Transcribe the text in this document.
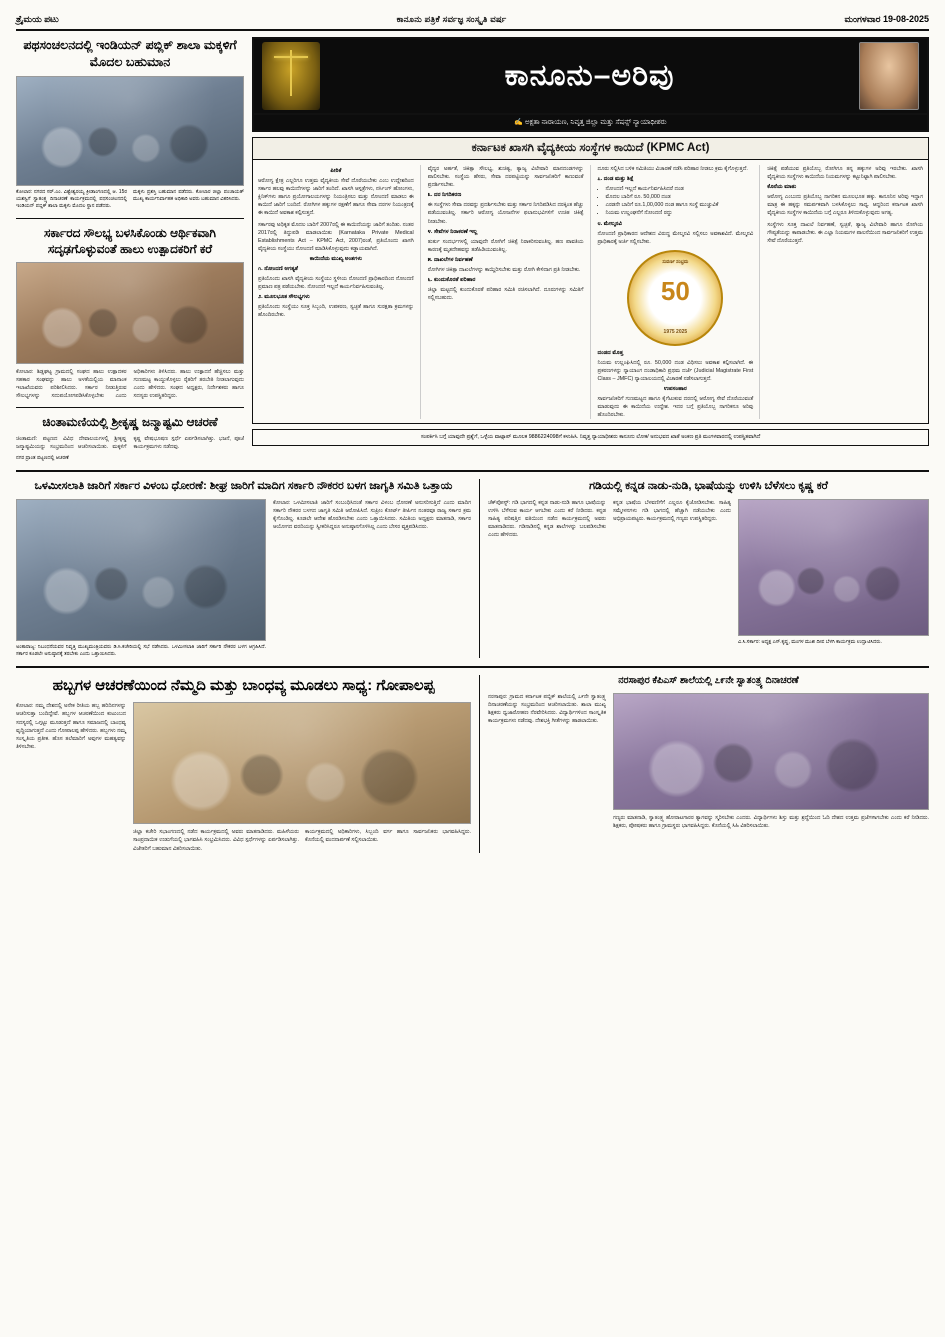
ತ್ರೈಮಯ ಪಟು	ಕಾನೂನು ಪತ್ರಿಕೆ ಸರ್ವಜ್ಞ ಸಂಸ್ಕೃತಿ ವರ್ಷ	ಮಂಗಳವಾರ 19-08-2025
ಪಥಸಂಚಲನದಲ್ಲಿ ಇಂಡಿಯನ್ ಪಬ್ಲಿಕ್ ಶಾಲಾ ಮಕ್ಕಳಿಗೆ ಮೊದಲ ಬಹುಮಾನ
ಕೋಲಾರ: ನಗರದ ಸರ್.ಎಂ. ವಿಶ್ವೇಶ್ವರಯ್ಯ ಕ್ರೀಡಾಂಗಣದಲ್ಲಿ ಆ. 15ರ ಯಶಸ್ವಿಗೆ ಸ್ವಾತಂತ್ರ್ಯ ದಿನಾಚರಣೆ ಕಾರ್ಯಕ್ರಮದಲ್ಲಿ ಪಥಸಂಚಲನದಲ್ಲಿ ಇಂಡಿಯನ್ ಪಬ್ಲಿಕ್ ಶಾಲಾ ಮಕ್ಕಳು ಮೊದಲ ಸ್ಥಾನ ಪಡೆದರು.
ಮಕ್ಕಳು ಪ್ರಶಸ್ತಿ ಬಹುಮಾನ ಪಡೆದರು. ಕೋಲಾರ ಜಿಲ್ಲಾ ಪಂಚಾಯತ್ ಮುಖ್ಯ ಕಾರ್ಯನಿರ್ವಾಹಕ ಅಧಿಕಾರಿ ಅವರು ಬಹುಮಾನ ವಿತರಿಸಿದರು.
ಸರ್ಕಾರದ ಸೌಲಭ್ಯ ಬಳಸಿಕೊಂಡು ಆರ್ಥಿಕವಾಗಿ ಸದೃಢಗೊಳ್ಳುವಂತೆ ಹಾಲು ಉತ್ಪಾದಕರಿಗೆ ಕರೆ
ಕೋಲಾರ: ಶಿಡ್ಲಘಟ್ಟ ಗ್ರಾಮದಲ್ಲಿ ಸಂಘದ ಹಾಲು ಉತ್ಪಾದಕರ ಸಹಕಾರ ಸಂಘವನ್ನು ಹಾಲು ಅಳತೆಯಲ್ಲಿಯ ಮಾನಾಂಕ ಇಲಾಖೆಯವರು ಪರಿಶೀಲಿಸಿದರು. ಸರ್ಕಾರ ನೀಡುತ್ತಿರುವ ಸೌಲಭ್ಯಗಳನ್ನು ಸದುಪಯೋಗಪಡಿಸಿಕೊಳ್ಳಬೇಕು ಎಂದು ಅಧಿಕಾರಿಗಳು ತಿಳಿಸಿದರು. ಹಾಲು ಉತ್ಪಾದನೆ ಹೆಚ್ಚಿಸಲು ಮತ್ತು ಗುಣಮಟ್ಟ ಕಾಯ್ದುಕೊಳ್ಳಲು ರೈತರಿಗೆ ತರಬೇತಿ ನೀಡಲಾಗುವುದು ಎಂದು ಹೇಳಿದರು. ಸಂಘದ ಅಧ್ಯಕ್ಷರು, ನಿರ್ದೇಶಕರು ಹಾಗೂ ಸದಸ್ಯರು ಉಪಸ್ಥಿತರಿದ್ದರು.
ಚಿಂತಾಮಣಿಯಲ್ಲಿ ಶ್ರೀಕೃಷ್ಣ ಜನ್ಮಾಷ್ಟಮಿ ಆಚರಣೆ
ಚಿಂತಾಮಣಿ: ಪಟ್ಟಣದ ವಿವಿಧ ದೇವಾಲಯಗಳಲ್ಲಿ ಶ್ರೀಕೃಷ್ಣ ಜನ್ಮಾಷ್ಟಮಿಯನ್ನು ಸಂಭ್ರಮದಿಂದ ಆಚರಿಸಲಾಯಿತು. ಮಕ್ಕಳಿಗೆ ಕೃಷ್ಣ ವೇಷಭೂಷಣ ಸ್ಪರ್ಧೆ ಏರ್ಪಡಿಸಲಾಗಿತ್ತು. ಭಜನೆ, ಪೂಜೆ ಕಾರ್ಯಕ್ರಮಗಳು ನಡೆದವು.
ನಗರ ಪ್ರಾಂತ ಪಟ್ಟಣದಲ್ಲಿ ಆಚರಣೆ
ಕಾನೂನು–ಅರಿವು
✍ ಅಕ್ಷತಾ ನಾರಾಯಣ, ನಿವೃತ್ತ ಜಿಲ್ಲಾ ಮತ್ತು ಸೆಷನ್ಸ್ ನ್ಯಾಯಾಧೀಶರು
ಕರ್ನಾಟಕ ಖಾಸಗಿ ವೈದ್ಯಕೀಯ ಸಂಸ್ಥೆಗಳ ಕಾಯಿದೆ (KPMC Act)
ಪೀಠಿಕೆ
ಆರೋಗ್ಯ ಕ್ಷೇತ್ರ ಎಲ್ಲರಿಗೂ ಉತ್ತಮ ವೈದ್ಯಕೀಯ ಸೇವೆ ದೊರೆಯಬೇಕು ಎಂಬ ಉದ್ದೇಶದಿಂದ ಸರ್ಕಾರ ಹಲವು ಕಾಯಿದೆಗಳನ್ನು ಜಾರಿಗೆ ತಂದಿದೆ. ಖಾಸಗಿ ಆಸ್ಪತ್ರೆಗಳು, ನರ್ಸಿಂಗ್ ಹೋಂಗಳು, ಕ್ಲಿನಿಕ್‌ಗಳು ಹಾಗೂ ಪ್ರಯೋಗಾಲಯಗಳನ್ನು ನಿಯಂತ್ರಿಸಲು ಮತ್ತು ನೋಂದಣಿ ಮಾಡಲು ಈ ಕಾಯಿದೆ ಜಾರಿಗೆ ಬಂದಿದೆ. ರೋಗಿಗಳ ಹಕ್ಕುಗಳ ರಕ್ಷಣೆಗೆ ಹಾಗೂ ಸೇವಾ ದರಗಳ ನಿಯಂತ್ರಣಕ್ಕೆ ಈ ಕಾಯಿದೆ ಅವಕಾಶ ಕಲ್ಪಿಸುತ್ತದೆ.
ಸರ್ಕಾರವು ಅಧಿಕೃತ ಮೊದಲ ಬಾರಿಗೆ 2007ರಲ್ಲಿ ಈ ಕಾಯಿದೆಯನ್ನು ಜಾರಿಗೆ ತಂದಿತು. ನಂತರ 2017ರಲ್ಲಿ ತಿದ್ದುಪಡಿ ಮಾಡಲಾಯಿತು (Karnataka Private Medical Establishments Act – KPMC Act, 2007)ರಂತೆ, ಪ್ರತಿಯೊಂದು ಖಾಸಗಿ ವೈದ್ಯಕೀಯ ಸಂಸ್ಥೆಯು ನೋಂದಣಿ ಮಾಡಿಸಿಕೊಳ್ಳುವುದು ಕಡ್ಡಾಯವಾಗಿದೆ.
ಕಾಯಿದೆಯ ಮುಖ್ಯ ಅಂಶಗಳು
೧. ನೋಂದಣಿ ಅಗತ್ಯತೆ
ಪ್ರತಿಯೊಂದು ಖಾಸಗಿ ವೈದ್ಯಕೀಯ ಸಂಸ್ಥೆಯು ಸ್ಥಳೀಯ ನೋಂದಣಿ ಪ್ರಾಧಿಕಾರದಿಂದ ನೋಂದಣಿ ಪ್ರಮಾಣ ಪತ್ರ ಪಡೆಯಬೇಕು. ನೋಂದಣಿ ಇಲ್ಲದೆ ಕಾರ್ಯನಿರ್ವಹಿಸುವಂತಿಲ್ಲ.
೨. ಮೂಲಭೂತ ಸೌಲಭ್ಯಗಳು
ಪ್ರತಿಯೊಂದು ಸಂಸ್ಥೆಯು ಸೂಕ್ತ ಸಿಬ್ಬಂದಿ, ಉಪಕರಣ, ಸ್ವಚ್ಛತೆ ಹಾಗೂ ಸುರಕ್ಷತಾ ಕ್ರಮಗಳನ್ನು ಹೊಂದಿರಬೇಕು.
ವೈದ್ಯರ ಅರ್ಹತೆ, ಚಿಕಿತ್ಸಾ ಸೌಲಭ್ಯ, ಶುಚಿತ್ವ, ತ್ಯಾಜ್ಯ ವಿಲೇವಾರಿ ಮಾನದಂಡಗಳನ್ನು ಪಾಲಿಸಬೇಕು. ಸಂಸ್ಥೆಯ ಹೆಸರು, ಸೇವಾ ದರಪಟ್ಟಿಯನ್ನು ಸಾರ್ವಜನಿಕರಿಗೆ ಕಾಣುವಂತೆ ಪ್ರದರ್ಶಿಸಬೇಕು.
೩. ದರ ನಿಗದಿಕರಣ
ಈ ಸಂಸ್ಥೆಗಳು ಸೇವಾ ದರವನ್ನು ಪ್ರದರ್ಶಿಸಬೇಕು ಮತ್ತು ಸರ್ಕಾರ ನಿಗದಿಪಡಿಸಿದ ದರಕ್ಕಿಂತ ಹೆಚ್ಚು ಪಡೆಯುವಂತಿಲ್ಲ. ಸರ್ಕಾರಿ ಆರೋಗ್ಯ ಯೋಜನೆಗಳ ಫಲಾನುಭವಿಗಳಿಗೆ ಉಚಿತ ಚಿಕಿತ್ಸೆ ನೀಡಬೇಕು.
೪. ಸೇವೆಗಳ ನಿರಾಕರಣೆ ಇಲ್ಲ
ತುರ್ತು ಸಂದರ್ಭಗಳಲ್ಲಿ ಯಾವುದೇ ರೋಗಿಗೆ ಚಿಕಿತ್ಸೆ ನಿರಾಕರಿಸುವಂತಿಲ್ಲ. ಹಣ ಪಾವತಿಯ ಕಾರಣಕ್ಕೆ ಮೃತದೇಹವನ್ನು ತಡೆಹಿಡಿಯುವಂತಿಲ್ಲ.
೫. ದಾಖಲೆಗಳ ನಿರ್ವಹಣೆ
ರೋಗಿಗಳ ಚಿಕಿತ್ಸಾ ದಾಖಲೆಗಳನ್ನು ಕಾಯ್ದಿರಿಸಬೇಕು ಮತ್ತು ರೋಗಿ ಕೇಳಿದಾಗ ಪ್ರತಿ ನೀಡಬೇಕು.
೬. ಕುಂದುಕೊರತೆ ಪರಿಹಾರ
ಜಿಲ್ಲಾ ಮಟ್ಟದಲ್ಲಿ ಕುಂದುಕೊರತೆ ಪರಿಹಾರ ಸಮಿತಿ ರಚಿಸಲಾಗಿದೆ. ದೂರುಗಳನ್ನು ಸಮಿತಿಗೆ ಸಲ್ಲಿಸಬಹುದು.
ದೂರು ಸಲ್ಲಿಸಿದ ಬಳಿಕ ಸಮಿತಿಯು ವಿಚಾರಣೆ ನಡೆಸಿ ಪರಿಹಾರ ನೀಡಲು ಕ್ರಮ ಕೈಗೊಳ್ಳುತ್ತದೆ.
೭. ದಂಡ ಮತ್ತು ಶಿಕ್ಷೆ
• ನೋಂದಣಿ ಇಲ್ಲದೆ ಕಾರ್ಯನಿರ್ವಹಿಸಿದರೆ ದಂಡ
• ಮೊದಲ ಬಾರಿಗೆ ರೂ. 50,000 ದಂಡ
• ಎರಡನೇ ಬಾರಿಗೆ ರೂ.1,00,000 ದಂಡ ಹಾಗೂ ಸಂಸ್ಥೆ ಮುಚ್ಚುವಿಕೆ
• ನಿಯಮ ಉಲ್ಲಂಘನೆಗೆ ನೋಂದಣಿ ರದ್ದು
೮. ಮೇಲ್ಮನವಿ
ನೋಂದಣಿ ಪ್ರಾಧಿಕಾರದ ಆದೇಶದ ವಿರುದ್ಧ ಮೇಲ್ಮನವಿ ಸಲ್ಲಿಸಲು ಅವಕಾಶವಿದೆ. ಮೇಲ್ಮನವಿ ಪ್ರಾಧಿಕಾರಕ್ಕೆ ಅರ್ಜಿ ಸಲ್ಲಿಸಬೇಕು.
ಸುವರ್ಣ ಸಂಭ್ರಮ
50
1975 2025
ದಂಡದ ಮೊತ್ತ
ನಿಯಮ ಉಲ್ಲಂಘಿಸಿದಲ್ಲಿ ರೂ. 50,000 ದಂಡ ವಿಧಿಸಲು ಅವಕಾಶ ಕಲ್ಪಿಸಲಾಗಿದೆ. ಈ ಪ್ರಕರಣಗಳನ್ನು ನ್ಯಾಯಾಂಗ ದಂಡಾಧಿಕಾರಿ ಪ್ರಥಮ ದರ್ಜೆ (Judicial Magistrate First Class – JMFC) ನ್ಯಾಯಾಲಯದಲ್ಲಿ ವಿಚಾರಣೆ ನಡೆಸಲಾಗುತ್ತದೆ.
ಉಪಸಂಹಾರ
ಸಾರ್ವಜನಿಕರಿಗೆ ಗುಣಮಟ್ಟದ ಹಾಗೂ ಕೈಗೆಟುಕುವ ದರದಲ್ಲಿ ಆರೋಗ್ಯ ಸೇವೆ ದೊರೆಯುವಂತೆ ಮಾಡುವುದು ಈ ಕಾಯಿದೆಯ ಉದ್ದೇಶ. ಇದರ ಬಗ್ಗೆ ಪ್ರತಿಯೊಬ್ಬ ನಾಗರಿಕನೂ ಅರಿವು ಹೊಂದಿರಬೇಕು.
ಚಿಕಿತ್ಸೆ ಪಡೆಯುವ ಪ್ರತಿಯೊಬ್ಬ ರೋಗಿಗೂ ತನ್ನ ಹಕ್ಕುಗಳ ಅರಿವು ಇರಬೇಕು. ಖಾಸಗಿ ವೈದ್ಯಕೀಯ ಸಂಸ್ಥೆಗಳು ಕಾಯಿದೆಯ ನಿಯಮಗಳನ್ನು ಕಟ್ಟುನಿಟ್ಟಾಗಿ ಪಾಲಿಸಬೇಕು.
ಕೊನೆಯ ಮಾತು
ಆರೋಗ್ಯ ಎಂಬುದು ಪ್ರತಿಯೊಬ್ಬ ನಾಗರಿಕನ ಮೂಲಭೂತ ಹಕ್ಕು. ಕಾನೂನಿನ ಅರಿವು ಇದ್ದಾಗ ಮಾತ್ರ ಈ ಹಕ್ಕನ್ನು ಸಮರ್ಪಕವಾಗಿ ಬಳಸಿಕೊಳ್ಳಲು ಸಾಧ್ಯ. ಆದ್ದರಿಂದ ಕರ್ನಾಟಕ ಖಾಸಗಿ ವೈದ್ಯಕೀಯ ಸಂಸ್ಥೆಗಳ ಕಾಯಿದೆಯ ಬಗ್ಗೆ ಎಲ್ಲರೂ ತಿಳಿದುಕೊಳ್ಳುವುದು ಅಗತ್ಯ.
ಸಂಸ್ಥೆಗಳು ಸೂಕ್ತ ದಾಖಲೆ ನಿರ್ವಹಣೆ, ಸ್ವಚ್ಛತೆ, ತ್ಯಾಜ್ಯ ವಿಲೇವಾರಿ ಹಾಗೂ ರೋಗಿಯ ಗೌಪ್ಯತೆಯನ್ನು ಕಾಪಾಡಬೇಕು. ಈ ಎಲ್ಲಾ ನಿಯಮಗಳ ಪಾಲನೆಯಿಂದ ಸಾರ್ವಜನಿಕರಿಗೆ ಉತ್ತಮ ಸೇವೆ ದೊರೆಯುತ್ತದೆ.
ಸಂಪರ್ಕಿಸಿ ಬಗ್ಗೆ ಯಾವುದೇ ಪ್ರಶ್ನೆಗೆ, ಒಳ್ಳೆಯ ವಾಟ್ಸಾಪ್ ಮೂಲಕ 9886224098ಗೆ ಕಳುಹಿಸಿ. ನಿವೃತ್ತ ನ್ಯಾಯಾಧೀಶರು ಕಾನೂನು ಲೋಕ/ ಅನುಭವದ ಖಾತೆ ಅಂಕಣ ಪ್ರತಿ ಮಂಗಳವಾರದಲ್ಲಿ ಉಪಸ್ಥಿತವಾಗಿದೆ
ಒಳಮೀಸಲಾತಿ ಜಾರಿಗೆ ಸರ್ಕಾರ ವಿಳಂಬ ಧೋರಣೆ: ಶೀಘ್ರ ಜಾರಿಗೆ ಮಾದಿಗ ಸರ್ಕಾರಿ ನೌಕರರ ಬಳಗ ಜಾಗೃತಿ ಸಮಿತಿ ಒತ್ತಾಯ
ಅಂತಾರಾಜ್ಯ: ನಿಬಂಧನೆಯವರ ನಿವೃತ್ತಿ ಮುಖ್ಯಮಂತ್ರಿಯವರು ಡಿ.ಸಿ.ಕಚೇರಿಯಲ್ಲಿ ಸಭೆ ನಡೆಸಿದರು. ಒಳಮೀಸಲಾತಿ ಜಾರಿಗೆ ಸರ್ಕಾರಿ ನೌಕರರ ಬಳಗ ಆಗ್ರಹಿಸಿದೆ. ಸರ್ಕಾರ ಕೂಡಲೇ ಅನುಷ್ಠಾನಕ್ಕೆ ತರಬೇಕು ಎಂದು ಒತ್ತಾಯಿಸಿದರು.
ಕೋಲಾರ: ಒಳಮೀಸಲಾತಿ ಜಾರಿಗೆ ಸಂಬಂಧಿಸಿದಂತೆ ಸರ್ಕಾರ ವಿಳಂಬ ಧೋರಣೆ ಅನುಸರಿಸುತ್ತಿದೆ ಎಂದು ಮಾದಿಗ ಸರ್ಕಾರಿ ನೌಕರರ ಬಳಗದ ಜಾಗೃತಿ ಸಮಿತಿ ಆರೋಪಿಸಿದೆ. ಸುಪ್ರೀಂ ಕೋರ್ಟ್ ತೀರ್ಪಿನ ನಂತರವೂ ರಾಜ್ಯ ಸರ್ಕಾರ ಕ್ರಮ ಕೈಗೊಂಡಿಲ್ಲ. ಕೂಡಲೇ ಆದೇಶ ಹೊರಡಿಸಬೇಕು ಎಂದು ಒತ್ತಾಯಿಸಿದರು. ಸಮಿತಿಯ ಅಧ್ಯಕ್ಷರು ಮಾತನಾಡಿ, ಸರ್ಕಾರ ಆಯೋಗದ ವರದಿಯನ್ನು ಸ್ವೀಕರಿಸಿದ್ದರೂ ಅನುಷ್ಠಾನಗೊಳಿಸಿಲ್ಲ ಎಂದು ಬೇಸರ ವ್ಯಕ್ತಪಡಿಸಿದರು.
ಗಡಿಯಲ್ಲಿ ಕನ್ನಡ ನಾಡು-ನುಡಿ, ಭಾಷೆಯನ್ನು ಉಳಿಸಿ ಬೆಳೆಸಲು ಕೃಷ್ಣ ಕರೆ
ಚೆಕ್‌ಪೋಸ್ಟ್: ಗಡಿ ಭಾಗದಲ್ಲಿ ಕನ್ನಡ ನಾಡು-ನುಡಿ ಹಾಗೂ ಭಾಷೆಯನ್ನು ಉಳಿಸಿ ಬೆಳೆಸುವ ಕಾರ್ಯ ಆಗಬೇಕು ಎಂದು ಕರೆ ನೀಡಿದರು. ಕನ್ನಡ ಸಾಹಿತ್ಯ ಪರಿಷತ್ತಿನ ವತಿಯಿಂದ ನಡೆದ ಕಾರ್ಯಕ್ರಮದಲ್ಲಿ ಅವರು ಮಾತನಾಡಿದರು. ಗಡಿನಾಡಿನಲ್ಲಿ ಕನ್ನಡ ಶಾಲೆಗಳನ್ನು ಬಲಪಡಿಸಬೇಕು ಎಂದು ಹೇಳಿದರು.
ಕನ್ನಡ ಭಾಷೆಯ ಬೆಳವಣಿಗೆಗೆ ಎಲ್ಲರೂ ಕೈಜೋಡಿಸಬೇಕು. ಸಾಹಿತ್ಯ ಸಮ್ಮೇಳನಗಳು ಗಡಿ ಭಾಗದಲ್ಲಿ ಹೆಚ್ಚಾಗಿ ನಡೆಯಬೇಕು ಎಂದು ಅಭಿಪ್ರಾಯಪಟ್ಟರು. ಕಾರ್ಯಕ್ರಮದಲ್ಲಿ ಗಣ್ಯರು ಉಪಸ್ಥಿತರಿದ್ದರು.
ವಿ.ಸಿ.ಸರ್ಕಾರ: ಅಧ್ಯಕ್ಷ ಎಸ್.ಕೃಷ್ಣ, ಮಂಗಳ ಮುಖಿ ದೀಪ ಬೆಳಗಿ ಕಾರ್ಯಕ್ರಮ ಉದ್ಘಾಟಿಸಿದರು.
ಹಬ್ಬಗಳ ಆಚರಣೆಯಿಂದ ನೆಮ್ಮದಿ ಮತ್ತು ಬಾಂಧವ್ಯ ಮೂಡಲು ಸಾಧ್ಯ: ಗೋಪಾಲಪ್ಪ
ಕೋಲಾರ: ನಮ್ಮ ದೇಶದಲ್ಲಿ ಅನೇಕ ರೀತಿಯ ಹಬ್ಬ ಹರಿದಿನಗಳನ್ನು ಆಚರಿಸುತ್ತಾ ಬಂದಿದ್ದೇವೆ. ಹಬ್ಬಗಳ ಆಚರಣೆಯಿಂದ ಕುಟುಂಬದ ಸದಸ್ಯರಲ್ಲಿ ಒಗ್ಗಟ್ಟು ಮೂಡುತ್ತದೆ ಹಾಗೂ ಸಮಾಜದಲ್ಲಿ ಬಾಂಧವ್ಯ ವೃದ್ಧಿಯಾಗುತ್ತದೆ ಎಂದು ಗೋಪಾಲಪ್ಪ ಹೇಳಿದರು. ಹಬ್ಬಗಳು ನಮ್ಮ ಸಂಸ್ಕೃತಿಯ ಪ್ರತೀಕ. ಹೊಸ ತಲೆಮಾರಿಗೆ ಅವುಗಳ ಮಹತ್ವವನ್ನು ತಿಳಿಸಬೇಕು.
ಜಿಲ್ಲಾ ಕಚೇರಿ ಸಭಾಂಗಣದಲ್ಲಿ ನಡೆದ ಕಾರ್ಯಕ್ರಮದಲ್ಲಿ ಅವರು ಮಾತನಾಡಿದರು. ಮಹಿಳೆಯರು ಸಾಂಪ್ರದಾಯಿಕ ಉಡುಗೆಯಲ್ಲಿ ಭಾಗವಹಿಸಿ ಸಂಭ್ರಮಿಸಿದರು. ವಿವಿಧ ಸ್ಪರ್ಧೆಗಳನ್ನು ಏರ್ಪಡಿಸಲಾಗಿತ್ತು. ವಿಜೇತರಿಗೆ ಬಹುಮಾನ ವಿತರಿಸಲಾಯಿತು.
ಕಾರ್ಯಕ್ರಮದಲ್ಲಿ ಅಧಿಕಾರಿಗಳು, ಸಿಬ್ಬಂದಿ ವರ್ಗ ಹಾಗೂ ಸಾರ್ವಜನಿಕರು ಭಾಗವಹಿಸಿದ್ದರು. ಕೊನೆಯಲ್ಲಿ ವಂದನಾರ್ಪಣೆ ಸಲ್ಲಿಸಲಾಯಿತು.
ನರಸಾಪುರ ಕೆಪಿಎಸ್ ಶಾಲೆಯಲ್ಲಿ ೭೯ನೇ ಸ್ವಾತಂತ್ರ್ಯ ದಿನಾಚರಣೆ
ನರಸಾಪುರ: ಗ್ರಾಮದ ಕರ್ನಾಟಕ ಪಬ್ಲಿಕ್ ಶಾಲೆಯಲ್ಲಿ ೭೯ನೇ ಸ್ವಾತಂತ್ರ್ಯ ದಿನಾಚರಣೆಯನ್ನು ಸಂಭ್ರಮದಿಂದ ಆಚರಿಸಲಾಯಿತು. ಶಾಲಾ ಮುಖ್ಯ ಶಿಕ್ಷಕರು ಧ್ವಜಾರೋಹಣ ನೆರವೇರಿಸಿದರು. ವಿದ್ಯಾರ್ಥಿಗಳಿಂದ ಸಾಂಸ್ಕೃತಿಕ ಕಾರ್ಯಕ್ರಮಗಳು ನಡೆದವು. ದೇಶಭಕ್ತಿ ಗೀತೆಗಳನ್ನು ಹಾಡಲಾಯಿತು.
ಗಣ್ಯರು ಮಾತನಾಡಿ, ಸ್ವಾತಂತ್ರ್ಯ ಹೋರಾಟಗಾರರ ತ್ಯಾಗವನ್ನು ಸ್ಮರಿಸಬೇಕು ಎಂದರು. ವಿದ್ಯಾರ್ಥಿಗಳು ಶಿಸ್ತು ಮತ್ತು ಶ್ರದ್ಧೆಯಿಂದ ಓದಿ ದೇಶದ ಉತ್ತಮ ಪ್ರಜೆಗಳಾಗಬೇಕು ಎಂದು ಕರೆ ನೀಡಿದರು. ಶಿಕ್ಷಕರು, ಪೋಷಕರು ಹಾಗೂ ಗ್ರಾಮಸ್ಥರು ಭಾಗವಹಿಸಿದ್ದರು. ಕೊನೆಯಲ್ಲಿ ಸಿಹಿ ವಿತರಿಸಲಾಯಿತು.
